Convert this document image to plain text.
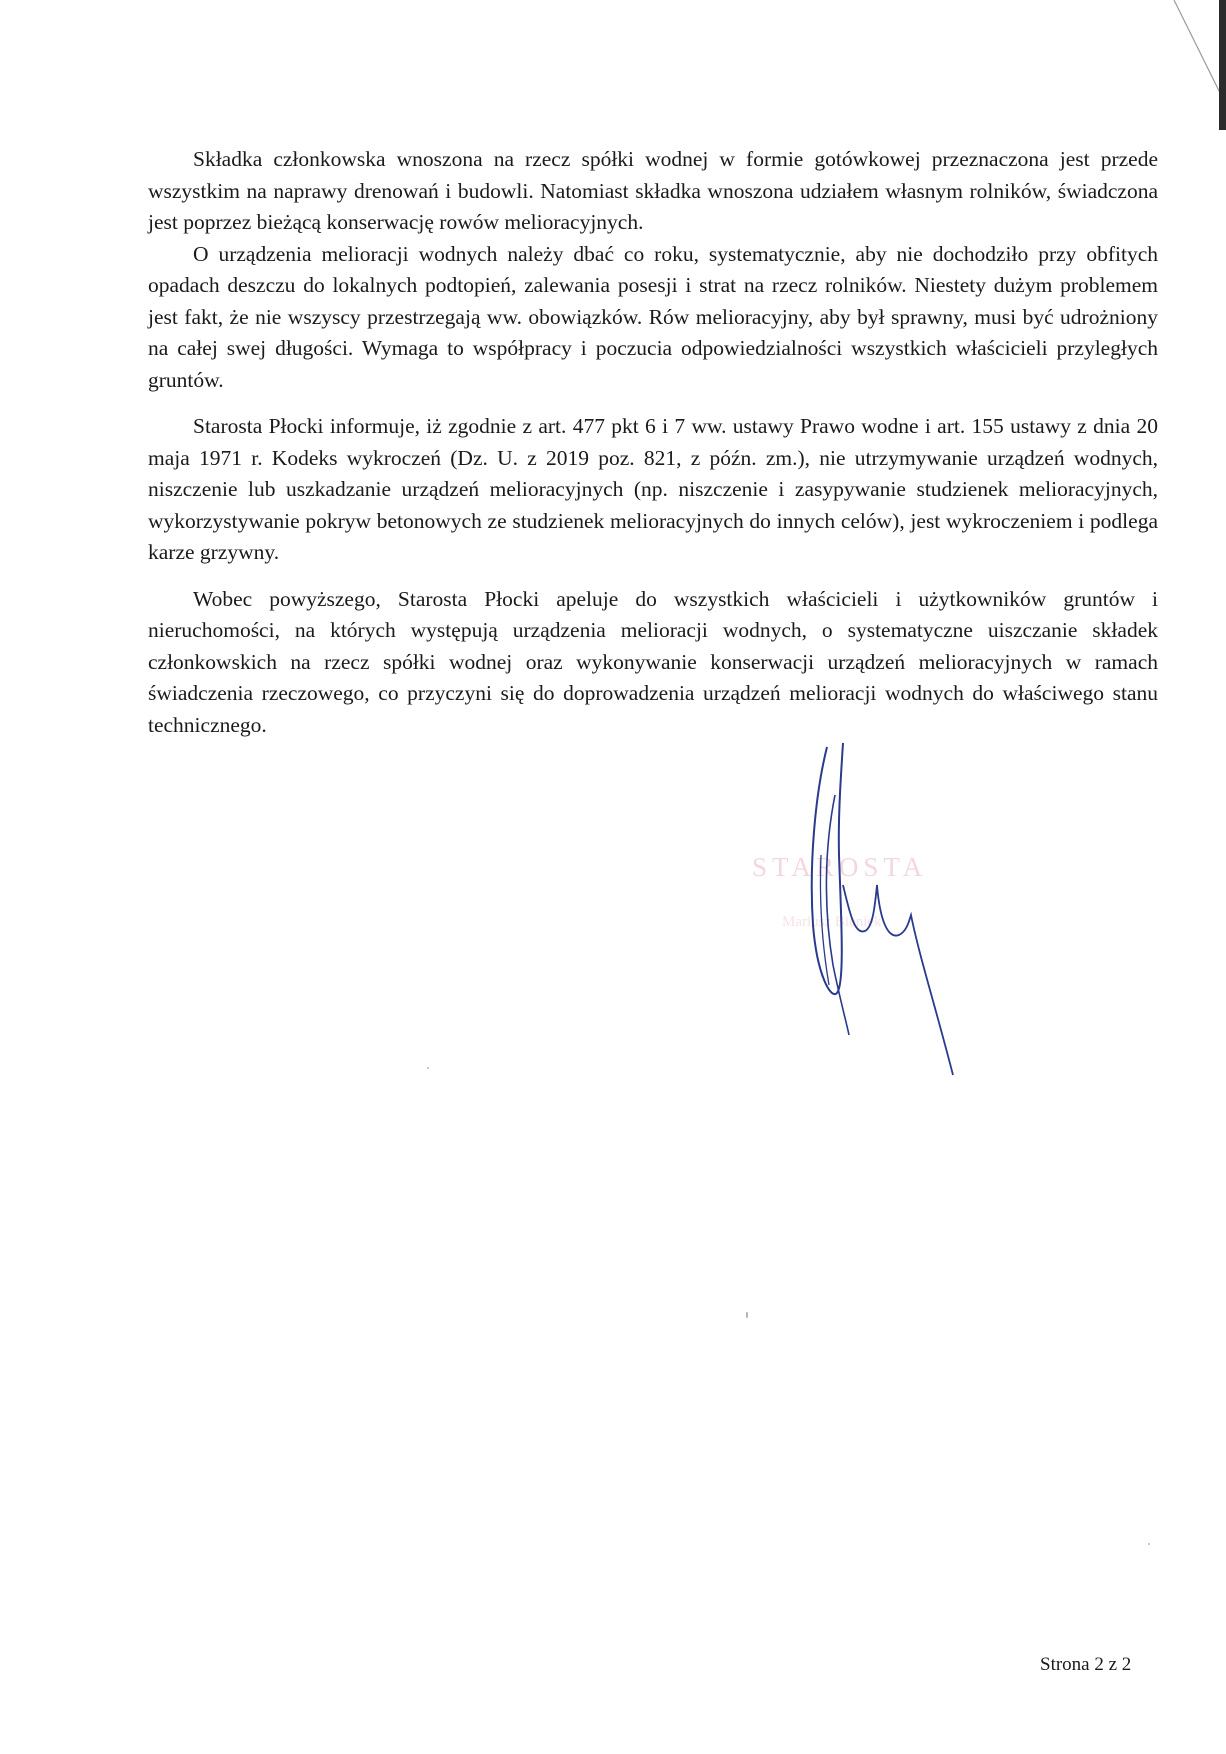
Składka członkowska wnoszona na rzecz spółki wodnej w formie gotówkowej przeznaczona jest przede wszystkim na naprawy drenowań i budowli. Natomiast składka wnoszona udziałem własnym rolników, świadczona jest poprzez bieżącą konserwację rowów melioracyjnych.

O urządzenia melioracji wodnych należy dbać co roku, systematycznie, aby nie dochodziło przy obfitych opadach deszczu do lokalnych podtopień, zalewania posesji i strat na rzecz rolników. Niestety dużym problemem jest fakt, że nie wszyscy przestrzegają ww. obowiązków. Rów melioracyjny, aby był sprawny, musi być udrożniony na całej swej długości. Wymaga to współpracy i poczucia odpowiedzialności wszystkich właścicieli przyległych gruntów.

Starosta Płocki informuje, iż zgodnie z art. 477 pkt 6 i 7 ww. ustawy Prawo wodne i art. 155 ustawy z dnia 20 maja 1971 r. Kodeks wykroczeń (Dz. U. z 2019 poz. 821, z późn. zm.), nie utrzymywanie urządzeń wodnych, niszczenie lub uszkadzanie urządzeń melioracyjnych (np. niszczenie i zasypywanie studzienek melioracyjnych, wykorzystywanie pokryw betonowych ze studzienek melioracyjnych do innych celów), jest wykroczeniem i podlega karze grzywny.

Wobec powyższego, Starosta Płocki apeluje do wszystkich właścicieli i użytkowników gruntów i nieruchomości, na których występują urządzenia melioracji wodnych, o systematyczne uiszczanie składek członkowskich na rzecz spółki wodnej oraz wykonywanie konserwacji urządzeń melioracyjnych w ramach świadczenia rzeczowego, co przyczyni się do doprowadzenia urządzeń melioracji wodnych do właściwego stanu technicznego.

STAROSTA
Mariusz Bieniek
Strona 2 z 2
